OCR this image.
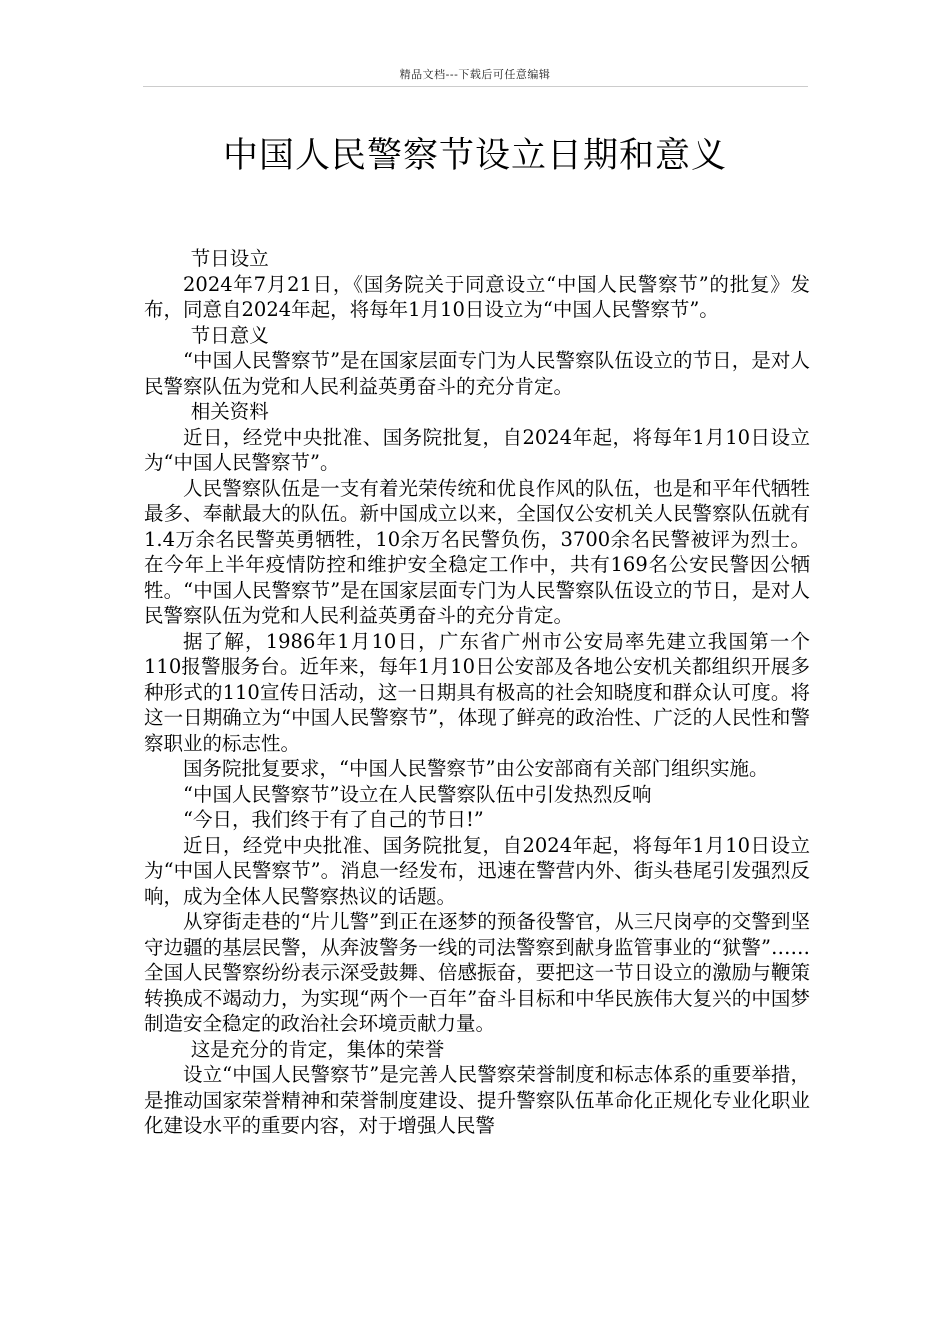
精品文档---下载后可任意编辑
中国人民警察节设立日期和意义

节日设立

2024年7月21日，《国务院关于同意设立“中国人民警察节”的批复》发布，同意自2024年起，将每年1月10日设立为“中国人民警察节”。

节日意义

“中国人民警察节”是在国家层面专门为人民警察队伍设立的节日，是对人民警察队伍为党和人民利益英勇奋斗的充分肯定。

相关资料

近日，经党中央批准、国务院批复，自2024年起，将每年1月10日设立为“中国人民警察节”。

人民警察队伍是一支有着光荣传统和优良作风的队伍，也是和平年代牺牲最多、奉献最大的队伍。新中国成立以来，全国仅公安机关人民警察队伍就有1.4万余名民警英勇牺牲，10余万名民警负伤，3700余名民警被评为烈士。在今年上半年疫情防控和维护安全稳定工作中，共有169名公安民警因公牺牲。“中国人民警察节”是在国家层面专门为人民警察队伍设立的节日，是对人民警察队伍为党和人民利益英勇奋斗的充分肯定。

据了解，1986年1月10日，广东省广州市公安局率先建立我国第一个110报警服务台。近年来，每年1月10日公安部及各地公安机关都组织开展多种形式的110宣传日活动，这一日期具有极高的社会知晓度和群众认可度。将这一日期确立为“中国人民警察节”，体现了鲜亮的政治性、广泛的人民性和警察职业的标志性。

国务院批复要求，“中国人民警察节”由公安部商有关部门组织实施。

“中国人民警察节”设立在人民警察队伍中引发热烈反响

“今日，我们终于有了自己的节日!”

近日，经党中央批准、国务院批复，自2024年起，将每年1月10日设立为“中国人民警察节”。消息一经发布，迅速在警营内外、街头巷尾引发强烈反响，成为全体人民警察热议的话题。

从穿街走巷的“片儿警”到正在逐梦的预备役警官，从三尺岗亭的交警到坚守边疆的基层民警，从奔波警务一线的司法警察到献身监管事业的“狱警”……全国人民警察纷纷表示深受鼓舞、倍感振奋，要把这一节日设立的激励与鞭策转换成不竭动力，为实现“两个一百年”奋斗目标和中华民族伟大复兴的中国梦制造安全稳定的政治社会环境贡献力量。

这是充分的肯定，集体的荣誉

设立“中国人民警察节”是完善人民警察荣誉制度和标志体系的重要举措，是推动国家荣誉精神和荣誉制度建设、提升警察队伍革命化正规化专业化职业化建设水平的重要内容，对于增强人民警
